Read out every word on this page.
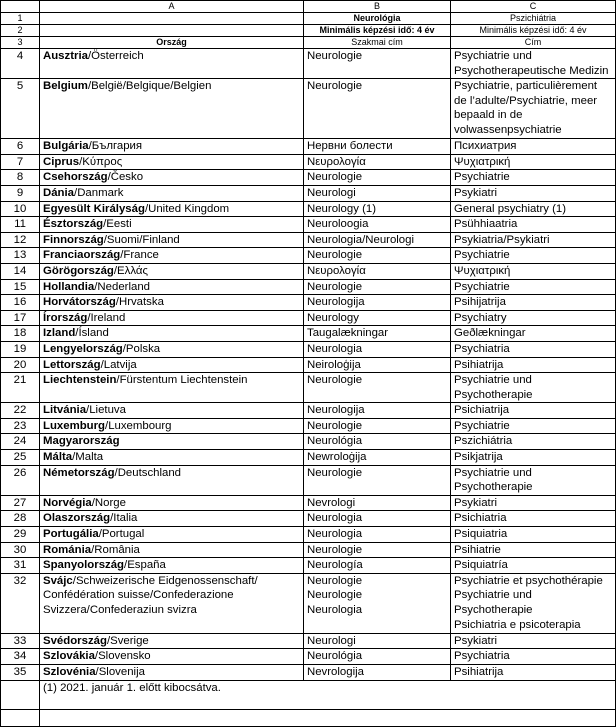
	A	B	C
1		Neurológia	Pszichiátria
2		Minimális képzési idő: 4 év	Minimális képzési idő: 4 év
3	Ország	Szakmai cím	Cím
4	Ausztria/Österreich	Neurologie	Psychiatrie und
Psychotherapeutische Medizin

5	Belgium/België/Belgique/Belgien	Neurologie	Psychiatrie, particulièrement
de l’adulte/Psychiatrie, meer
bepaald in de
volwassenpsychiatrie

6	Bulgária/България	Нервни болести	Психиатрия

7	Ciprus/Κύπρος	Νευρολογία	Ψυχιατρική

8	Csehország/Česko	Neurologie	Psychiatrie

9	Dánia/Danmark	Neurologi	Psykiatri

10	Egyesült Királyság/United Kingdom	Neurology (1)	General psychiatry (1)

11	Észtország/Eesti	Neuroloogia	Psühhiaatria

12	Finnország/Suomi/Finland	Neurologia/Neurologi	Psykiatria/Psykiatri

13	Franciaország/France	Neurologie	Psychiatrie

14	Görögország/Ελλάς	Νευρολογία	Ψυχιατρική

15	Hollandia/Nederland	Neurologie	Psychiatrie

16	Horvátország/Hrvatska	Neurologija	Psihijatrija

17	Írország/Ireland	Neurology	Psychiatry

18	Izland/Ísland	Taugalækningar	Geðlækningar

19	Lengyelország/Polska	Neurologia	Psychiatria

20	Lettország/Latvija	Neiroloģija	Psihiatrija

21	Liechtenstein/Fürstentum Liechtenstein	Neurologie	Psychiatrie und
Psychotherapie

22	Litvánia/Lietuva	Neurologija	Psichiatrija

23	Luxemburg/Luxembourg	Neurologie	Psychiatrie

24	Magyarország	Neurológia	Pszichiátria

25	Málta/Malta	Newroloġija	Psikjatrija

26	Németország/Deutschland	Neurologie	Psychiatrie und
Psychotherapie

27	Norvégia/Norge	Nevrologi	Psykiatri

28	Olaszország/Italia	Neurologia	Psichiatria

29	Portugália/Portugal	Neurologia	Psiquiatria

30	Románia/România	Neurologie	Psihiatrie

31	Spanyolország/España	Neurología	Psiquiatría

32	Svájc/Schweizerische Eidgenossenschaft/
Confédération suisse/Confederazione
Svizzera/Confederaziun svizra	Neurologie
Neurologie
Neurologia	Psychiatrie et psychothérapie
Psychiatrie und
Psychotherapie
Psichiatria e psicoterapia

33	Svédország/Sverige	Neurologi	Psykiatri

34	Szlovákia/Slovensko	Neurológia	Psychiatria

35	Szlovénia/Slovenija	Nevrologija	Psihiatrija

	(1) 2021. január 1. előtt kibocsátva.		
